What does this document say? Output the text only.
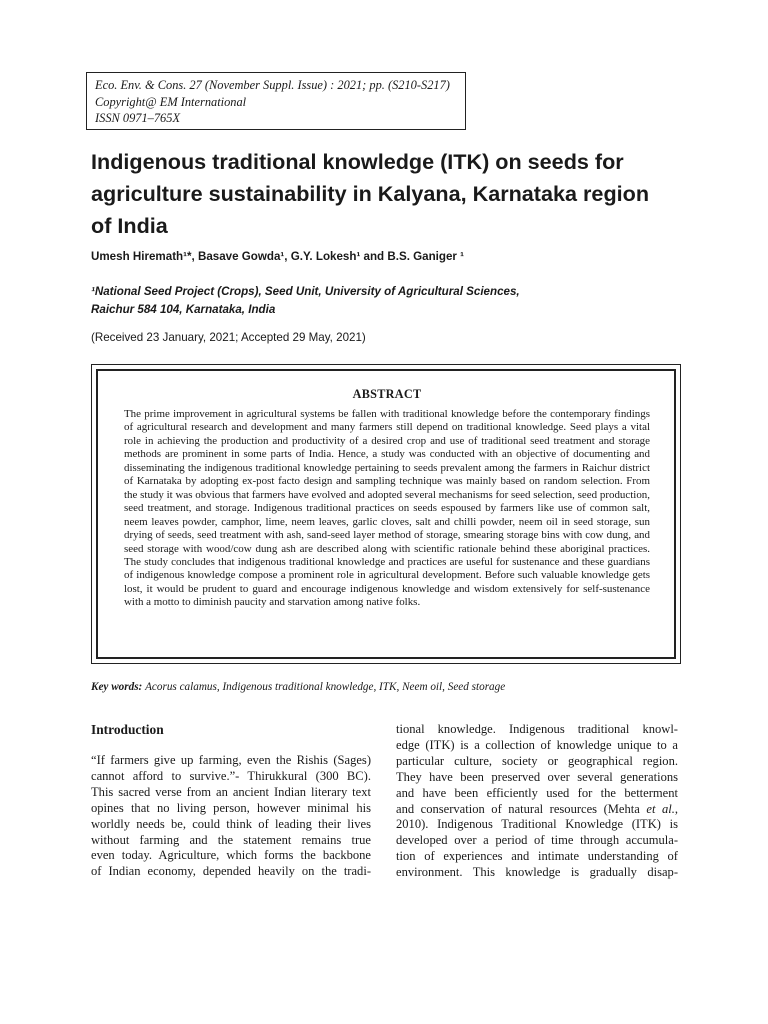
Eco. Env. & Cons. 27 (November Suppl. Issue) : 2021; pp. (S210-S217)
Copyright@ EM International
ISSN 0971–765X
Indigenous traditional knowledge (ITK) on seeds for
agriculture sustainability in Kalyana, Karnataka region
of India
Umesh Hiremath¹*, Basave Gowda¹, G.Y. Lokesh¹ and B.S. Ganiger ¹
¹National Seed Project (Crops), Seed Unit, University of Agricultural Sciences,
Raichur 584 104, Karnataka, India
(Received 23 January, 2021; Accepted 29 May, 2021)
ABSTRACT

The prime improvement in agricultural systems be fallen with traditional knowledge before the contemporary findings of agricultural research and development and many farmers still depend on traditional knowledge. Seed plays a vital role in achieving the production and productivity of a desired crop and use of traditional seed treatment and storage methods are prominent in some parts of India. Hence, a study was conducted with an objective of documenting and disseminating the indigenous traditional knowledge pertaining to seeds prevalent among the farmers in Raichur district of Karnataka by adopting ex-post facto design and sampling technique was mainly based on random selection. From the study it was obvious that farmers have evolved and adopted several mechanisms for seed selection, seed production, seed treatment, and storage. Indigenous traditional practices on seeds espoused by farmers like use of common salt, neem leaves powder, camphor, lime, neem leaves, garlic cloves, salt and chilli powder, neem oil in seed storage, sun drying of seeds, seed treatment with ash, sand-seed layer method of storage, smearing storage bins with cow dung, and seed storage with wood/cow dung ash are described along with scientific rationale behind these aboriginal practices. The study concludes that indigenous traditional knowledge and practices are useful for sustenance and these guardians of indigenous knowledge compose a prominent role in agricultural development. Before such valuable knowledge gets lost, it would be prudent to guard and encourage indigenous knowledge and wisdom extensively for self-sustenance with a motto to diminish paucity and starvation among native folks.

Key words: Acorus calamus, Indigenous traditional knowledge, ITK, Neem oil, Seed storage
Introduction
“If farmers give up farming, even the Rishis (Sages)
cannot afford to survive.”- Thirukkural (300 BC).
This sacred verse from an ancient Indian literary text
opines that no living person, however minimal his
worldly needs be, could think of leading their lives
without farming and the statement remains true
even today. Agriculture, which forms the backbone
of Indian economy, depended heavily on the tradi-
tional knowledge. Indigenous traditional knowl-
edge (ITK) is a collection of knowledge unique to a
particular culture, society or geographical region.
They have been preserved over several generations
and have been efficiently used for the betterment
and conservation of natural resources (Mehta et al.,
2010). Indigenous Traditional Knowledge (ITK) is
developed over a period of time through accumula-
tion of experiences and intimate understanding of
environment. This knowledge is gradually disap-
